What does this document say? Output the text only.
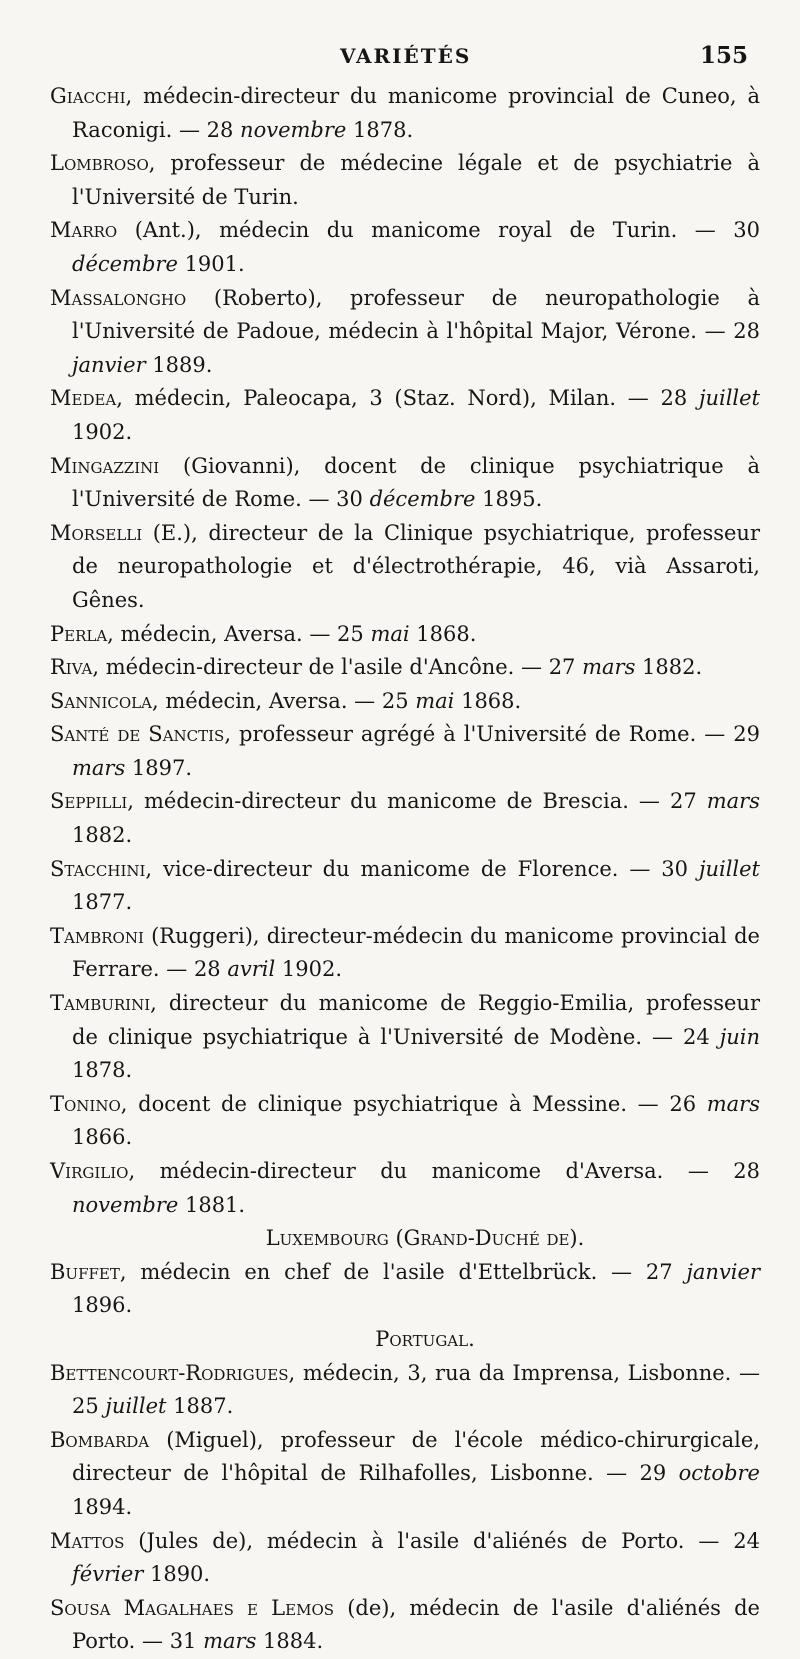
VARIÉTÉS	155

Giacchi, médecin-directeur du manicome provincial de Cuneo, à Raconigi. — 28 novembre 1878.

Lombroso, professeur de médecine légale et de psychiatrie à l'Université de Turin.

Marro (Ant.), médecin du manicome royal de Turin. — 30 décembre 1901.

Massalongho (Roberto), professeur de neuropathologie à l'Université de Padoue, médecin à l'hôpital Major, Vérone. — 28 janvier 1889.

Medea, médecin, Paleocapa, 3 (Staz. Nord), Milan. — 28 juillet 1902.

Mingazzini (Giovanni), docent de clinique psychiatrique à l'Université de Rome. — 30 décembre 1895.

Morselli (E.), directeur de la Clinique psychiatrique, professeur de neuropathologie et d'électrothérapie, 46, vià Assaroti, Gênes.

Perla, médecin, Aversa. — 25 mai 1868.

Riva, médecin-directeur de l'asile d'Ancône. — 27 mars 1882.

Sannicola, médecin, Aversa. — 25 mai 1868.

Santé de Sanctis, professeur agrégé à l'Université de Rome. — 29 mars 1897.

Seppilli, médecin-directeur du manicome de Brescia. — 27 mars 1882.

Stacchini, vice-directeur du manicome de Florence. — 30 juillet 1877.

Tambroni (Ruggeri), directeur-médecin du manicome provincial de Ferrare. — 28 avril 1902.

Tamburini, directeur du manicome de Reggio-Emilia, professeur de clinique psychiatrique à l'Université de Modène. — 24 juin 1878.

Tonino, docent de clinique psychiatrique à Messine. — 26 mars 1866.

Virgilio, médecin-directeur du manicome d'Aversa. — 28 novembre 1881.

Luxembourg (Grand-Duché de).

Buffet, médecin en chef de l'asile d'Ettelbrück. — 27 janvier 1896.

Portugal.

Bettencourt-Rodrigues, médecin, 3, rua da Imprensa, Lisbonne. — 25 juillet 1887.

Bombarda (Miguel), professeur de l'école médico-chirurgicale, directeur de l'hôpital de Rilhafolles, Lisbonne. — 29 octobre 1894.

Mattos (Jules de), médecin à l'asile d'aliénés de Porto. — 24 février 1890.

Sousa Magalhaes e Lemos (de), médecin de l'asile d'aliénés de Porto. — 31 mars 1884.
